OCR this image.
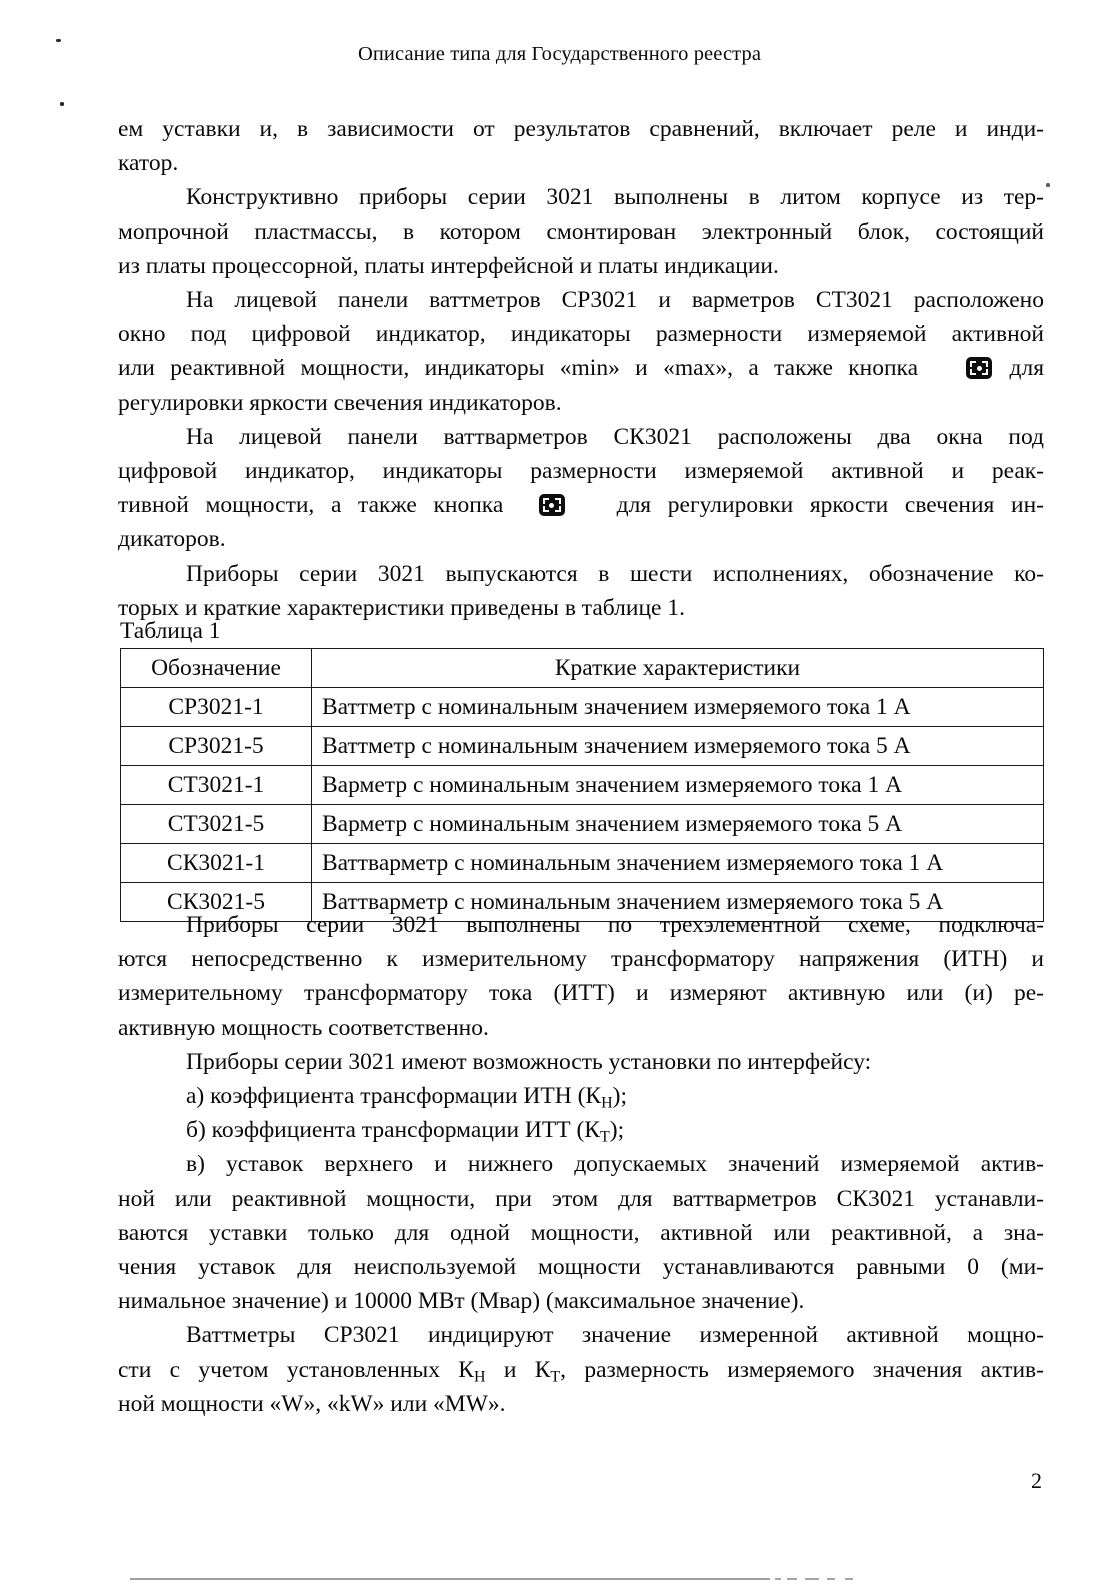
Описание типа для Государственного реестра

ем уставки и, в зависимости от результатов сравнений, включает реле и инди-
катор.

Конструктивно приборы серии 3021 выполнены в литом корпусе из тер-
мопрочной пластмассы, в котором смонтирован электронный блок, состоящий
из платы процессорной, платы интерфейсной и платы индикации.

На лицевой панели ваттметров СР3021 и варметров СТ3021 расположено
окно под цифровой индикатор, индикаторы размерности измеряемой активной
или реактивной мощности, индикаторы «min» и «max», а также кнопка	для
регулировки яркости свечения индикаторов.

На лицевой панели ваттварметров СК3021 расположены два окна под
цифровой индикатор, индикаторы размерности измеряемой активной и реак-
тивной мощности, а также кнопка	для регулировки яркости свечения ин-
дикаторов.

Приборы серии 3021 выпускаются в шести исполнениях, обозначение ко-
торых и краткие характеристики приведены в таблице 1.

Таблица 1
Обозначение	Краткие характеристики
СР3021-1	Ваттметр с номинальным значением измеряемого тока 1 А
СР3021-5	Ваттметр с номинальным значением измеряемого тока 5 А
СТ3021-1	Варметр с номинальным значением измеряемого тока 1 А
СТ3021-5	Варметр с номинальным значением измеряемого тока 5 А
СК3021-1	Ваттварметр с номинальным значением измеряемого тока 1 А
СК3021-5	Ваттварметр с номинальным значением измеряемого тока 5 А

Приборы серии 3021 выполнены по трехэлементной схеме, подключа-
ются непосредственно к измерительному трансформатору напряжения (ИТН) и
измерительному трансформатору тока (ИТТ) и измеряют активную или (и) ре-
активную мощность соответственно.

Приборы серии 3021 имеют возможность установки по интерфейсу:

а) коэффициента трансформации ИТН $(К_Н)$;

б) коэффициента трансформации ИТТ $(К_Т)$;

в) уставок верхнего и нижнего допускаемых значений измеряемой актив-
ной или реактивной мощности, при этом для ваттварметров СК3021 устанавли-
ваются уставки только для одной мощности, активной или реактивной, а зна-
чения уставок для неиспользуемой мощности устанавливаются равными 0 (ми-
нимальное значение) и 10000 МВт (Мвар) (максимальное значение).

Ваттметры СР3021 индицируют значение измеренной активной мощно-
сти с учетом установленных $К_Н$ и $К_Т$, размерность измеряемого значения актив-
ной мощности «W», «kW» или «MW».

2
